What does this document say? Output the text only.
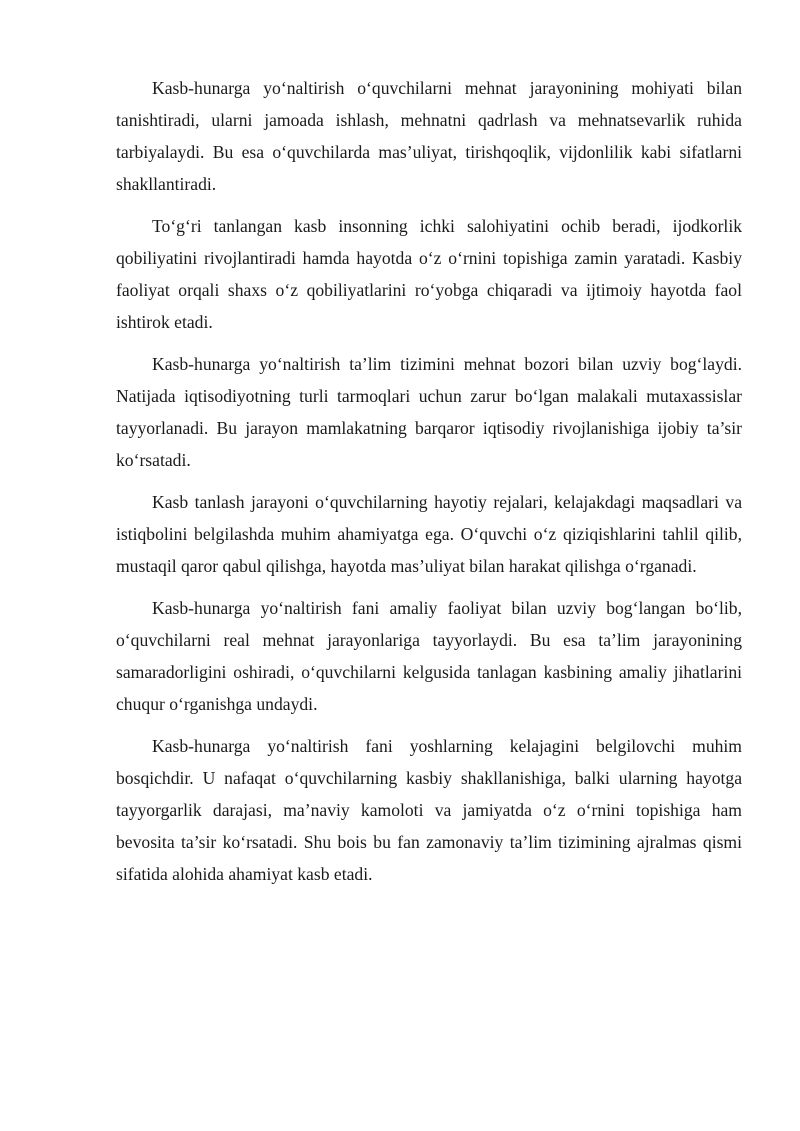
Kasb-hunarga yo‘naltirish o‘quvchilarni mehnat jarayonining mohiyati bilan tanishtiradi, ularni jamoada ishlash, mehnatni qadrlash va mehnatsevarlik ruhida tarbiyalaydi. Bu esa o‘quvchilarda mas’uliyat, tirishqoqlik, vijdonlilik kabi sifatlarni shakllantiradi.

To‘g‘ri tanlangan kasb insonning ichki salohiyatini ochib beradi, ijodkorlik qobiliyatini rivojlantiradi hamda hayotda o‘z o‘rnini topishiga zamin yaratadi. Kasbiy faoliyat orqali shaxs o‘z qobiliyatlarini ro‘yobga chiqaradi va ijtimoiy hayotda faol ishtirok etadi.

Kasb-hunarga yo‘naltirish ta’lim tizimini mehnat bozori bilan uzviy bog‘laydi. Natijada iqtisodiyotning turli tarmoqlari uchun zarur bo‘lgan malakali mutaxassislar tayyorlanadi. Bu jarayon mamlakatning barqaror iqtisodiy rivojlanishiga ijobiy ta’sir ko‘rsatadi.

Kasb tanlash jarayoni o‘quvchilarning hayotiy rejalari, kelajakdagi maqsadlari va istiqbolini belgilashda muhim ahamiyatga ega. O‘quvchi o‘z qiziqishlarini tahlil qilib, mustaqil qaror qabul qilishga, hayotda mas’uliyat bilan harakat qilishga o‘rganadi.

Kasb-hunarga yo‘naltirish fani amaliy faoliyat bilan uzviy bog‘langan bo‘lib, o‘quvchilarni real mehnat jarayonlariga tayyorlaydi. Bu esa ta’lim jarayonining samaradorligini oshiradi, o‘quvchilarni kelgusida tanlagan kasbining amaliy jihatlarini chuqur o‘rganishga undaydi.

Kasb-hunarga yo‘naltirish fani yoshlarning kelajagini belgilovchi muhim bosqichdir. U nafaqat o‘quvchilarning kasbiy shakllanishiga, balki ularning hayotga tayyorgarlik darajasi, ma’naviy kamoloti va jamiyatda o‘z o‘rnini topishiga ham bevosita ta’sir ko‘rsatadi. Shu bois bu fan zamonaviy ta’lim tizimining ajralmas qismi sifatida alohida ahamiyat kasb etadi.
